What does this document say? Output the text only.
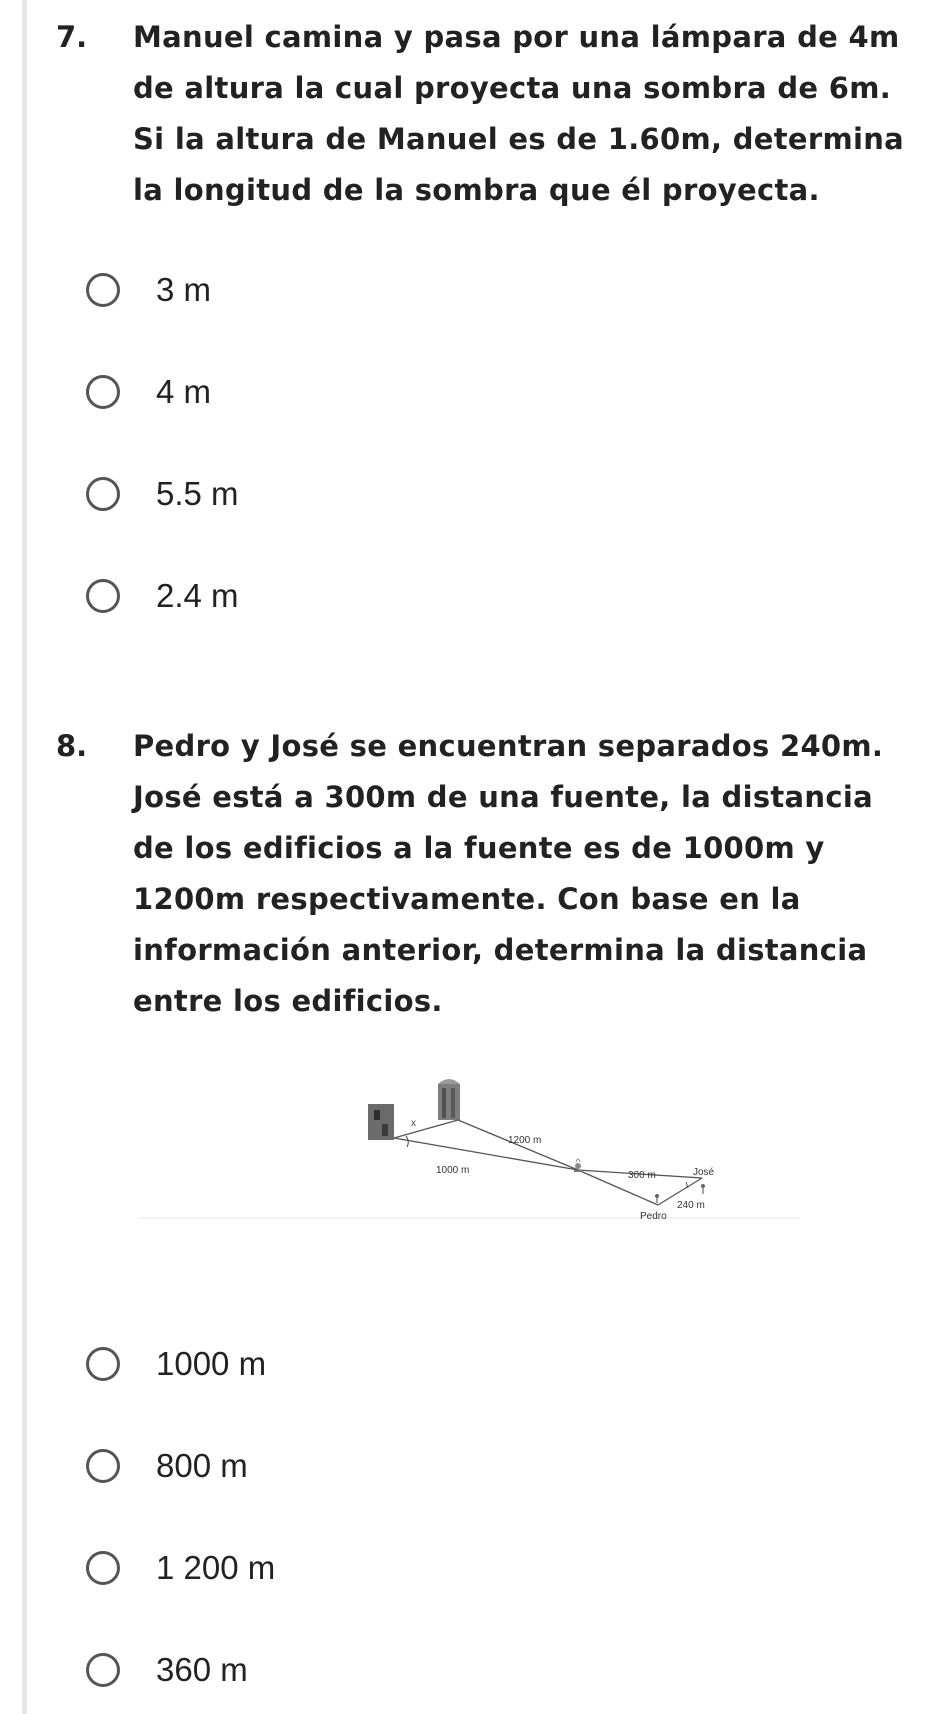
7. Manuel camina y pasa por una lámpara de 4m
de altura la cual proyecta una sombra de 6m.
Si la altura de Manuel es de 1.60m, determina
la longitud de la sombra que él proyecta.
3 m
4 m
5.5 m
2.4 m
8. Pedro y José se encuentran separados 240m.
José está a 300m de una fuente, la distancia
de los edificios a la fuente es de 1000m y
1200m respectivamente. Con base en la
información anterior, determina la distancia
entre los edificios.
x
1200 m
1000 m	300 m	José
240 m
Pedro
1000 m
800 m
1 200 m
360 m
